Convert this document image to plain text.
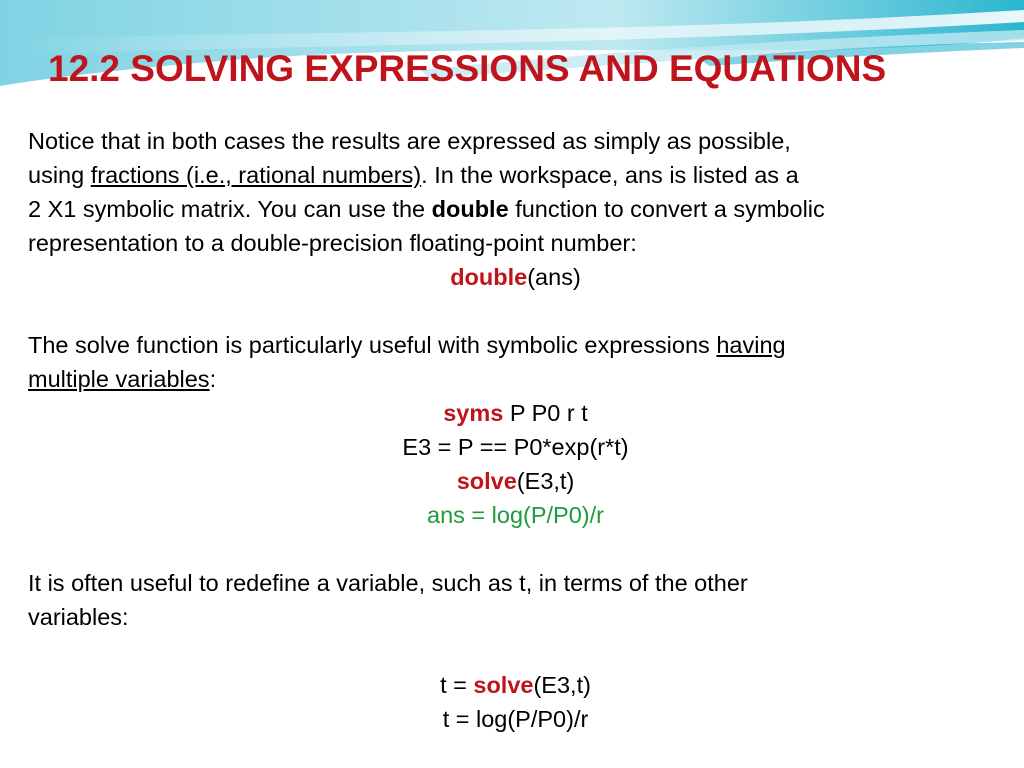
12.2 SOLVING EXPRESSIONS AND EQUATIONS
Notice that in both cases the results are expressed as simply as possible,
using fractions (i.e., rational numbers). In the workspace, ans is listed as a
2 X1 symbolic matrix. You can use the double function to convert a symbolic
representation to a double-precision floating-point number:
double(ans)
The solve function is particularly useful with symbolic expressions having
multiple variables:
syms P P0 r t
E3 = P == P0*exp(r*t)
solve(E3,t)
ans = log(P/P0)/r
It is often useful to redefine a variable, such as t, in terms of the other
variables:
t = solve(E3,t)
t = log(P/P0)/r
